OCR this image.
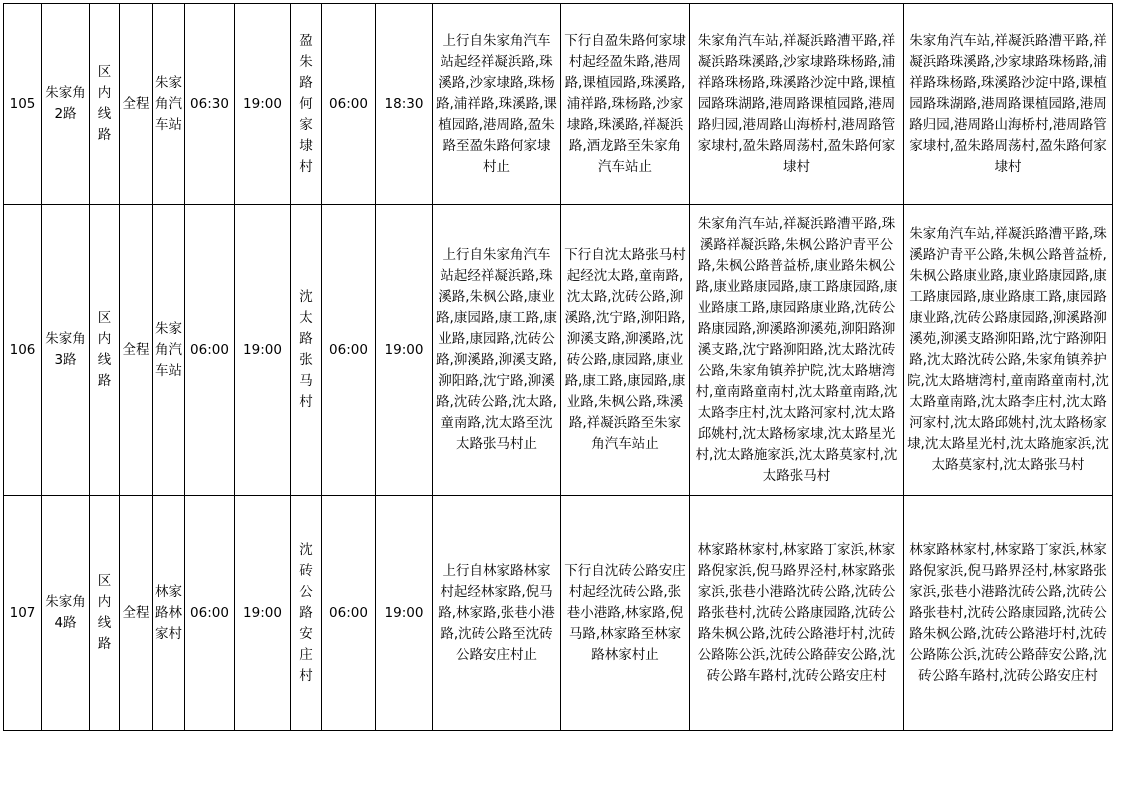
105	朱家角2路	区内线路	全程	朱家角汽车站	06:30	19:00	盈朱路何家埭村	06:00	18:30	上行自朱家角汽车站起经祥凝浜路,珠溪路,沙家埭路,珠杨路,浦祥路,珠溪路,课植园路,港周路,盈朱路至盈朱路何家埭村止	下行自盈朱路何家埭村起经盈朱路,港周路,课植园路,珠溪路,浦祥路,珠杨路,沙家埭路,珠溪路,祥凝浜路,酒龙路至朱家角汽车站止	朱家角汽车站,祥凝浜路漕平路,祥凝浜路珠溪路,沙家埭路珠杨路,浦祥路珠杨路,珠溪路沙淀中路,课植园路珠湖路,港周路课植园路,港周路归园,港周路山海桥村,港周路管家埭村,盈朱路周荡村,盈朱路何家埭村	朱家角汽车站,祥凝浜路漕平路,祥凝浜路珠溪路,沙家埭路珠杨路,浦祥路珠杨路,珠溪路沙淀中路,课植园路珠湖路,港周路课植园路,港周路归园,港周路山海桥村,港周路管家埭村,盈朱路周荡村,盈朱路何家埭村
106	朱家角3路	区内线路	全程	朱家角汽车站	06:00	19:00	沈太路张马村	06:00	19:00	上行自朱家角汽车站起经祥凝浜路,珠溪路,朱枫公路,康业路,康园路,康工路,康业路,康园路,沈砖公路,泖溪路,泖溪支路,泖阳路,沈宁路,泖溪路,沈砖公路,沈太路,童南路,沈太路至沈太路张马村止	下行自沈太路张马村起经沈太路,童南路,沈太路,沈砖公路,泖溪路,沈宁路,泖阳路,泖溪支路,泖溪路,沈砖公路,康园路,康业路,康工路,康园路,康业路,朱枫公路,珠溪路,祥凝浜路至朱家角汽车站止	朱家角汽车站,祥凝浜路漕平路,珠溪路祥凝浜路,朱枫公路沪青平公路,朱枫公路普益桥,康业路朱枫公路,康业路康园路,康工路康园路,康业路康工路,康园路康业路,沈砖公路康园路,泖溪路泖溪苑,泖阳路泖溪支路,沈宁路泖阳路,沈太路沈砖公路,朱家角镇养护院,沈太路塘湾村,童南路童南村,沈太路童南路,沈太路李庄村,沈太路河家村,沈太路邱姚村,沈太路杨家埭,沈太路星光村,沈太路施家浜,沈太路莫家村,沈太路张马村	朱家角汽车站,祥凝浜路漕平路,珠溪路沪青平公路,朱枫公路普益桥,朱枫公路康业路,康业路康园路,康工路康园路,康业路康工路,康园路康业路,沈砖公路康园路,泖溪路泖溪苑,泖溪支路泖阳路,沈宁路泖阳路,沈太路沈砖公路,朱家角镇养护院,沈太路塘湾村,童南路童南村,沈太路童南路,沈太路李庄村,沈太路河家村,沈太路邱姚村,沈太路杨家埭,沈太路星光村,沈太路施家浜,沈太路莫家村,沈太路张马村
107	朱家角4路	区内线路	全程	林家路林家村	06:00	19:00	沈砖公路安庄村	06:00	19:00	上行自林家路林家村起经林家路,倪马路,林家路,张巷小港路,沈砖公路至沈砖公路安庄村止	下行自沈砖公路安庄村起经沈砖公路,张巷小港路,林家路,倪马路,林家路至林家路林家村止	林家路林家村,林家路丁家浜,林家路倪家浜,倪马路界泾村,林家路张家浜,张巷小港路沈砖公路,沈砖公路张巷村,沈砖公路康园路,沈砖公路朱枫公路,沈砖公路港圩村,沈砖公路陈公浜,沈砖公路薛安公路,沈砖公路车路村,沈砖公路安庄村	林家路林家村,林家路丁家浜,林家路倪家浜,倪马路界泾村,林家路张家浜,张巷小港路沈砖公路,沈砖公路张巷村,沈砖公路康园路,沈砖公路朱枫公路,沈砖公路港圩村,沈砖公路陈公浜,沈砖公路薛安公路,沈砖公路车路村,沈砖公路安庄村
